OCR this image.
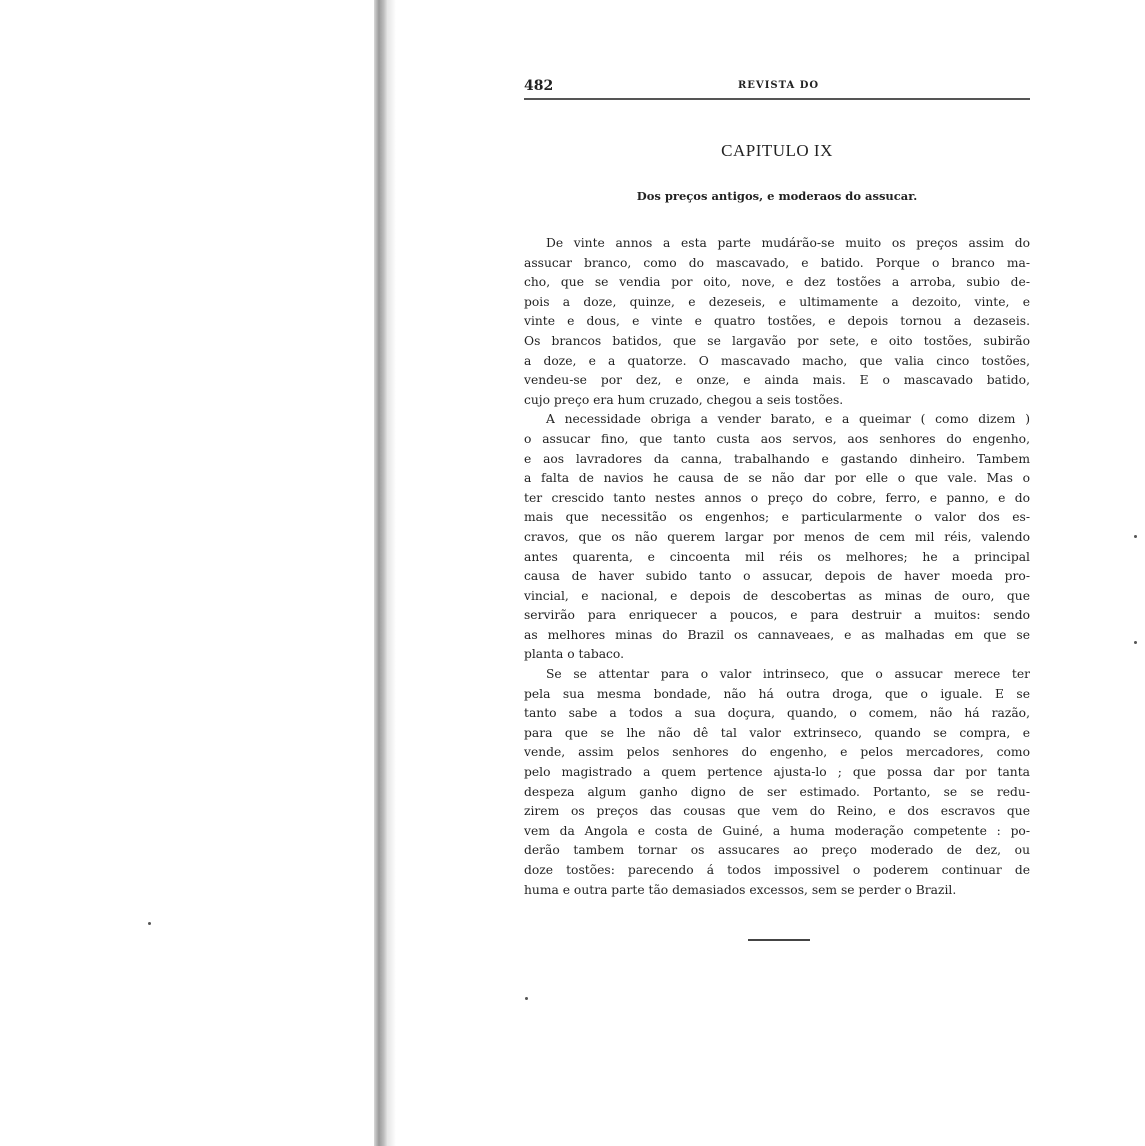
482	REVISTA DO
CAPITULO IX
Dos preços antigos, e moderaos do assucar.

De vinte annos a esta parte mudárão-se muito os preços assim do
assucar branco, como do mascavado, e batido. Porque o branco ma-
cho, que se vendia por oito, nove, e dez tostões a arroba, subio de-
pois a doze, quinze, e dezeseis, e ultimamente a dezoito, vinte, e
vinte e dous, e vinte e quatro tostões, e depois tornou a dezaseis.
Os brancos batidos, que se largavão por sete, e oito tostões, subirão
a doze, e a quatorze. O mascavado macho, que valia cinco tostões,
vendeu-se por dez, e onze, e ainda mais. E o mascavado batido,
cujo preço era hum cruzado, chegou a seis tostões.

A necessidade obriga a vender barato, e a queimar ( como dizem )
o assucar fino, que tanto custa aos servos, aos senhores do engenho,
e aos lavradores da canna, trabalhando e gastando dinheiro. Tambem
a falta de navios he causa de se não dar por elle o que vale. Mas o
ter crescido tanto nestes annos o preço do cobre, ferro, e panno, e do
mais que necessitão os engenhos; e particularmente o valor dos es-
cravos, que os não querem largar por menos de cem mil réis, valendo
antes quarenta, e cincoenta mil réis os melhores; he a principal
causa de haver subido tanto o assucar, depois de haver moeda pro-
vincial, e nacional, e depois de descobertas as minas de ouro, que
servirão para enriquecer a poucos, e para destruir a muitos: sendo
as melhores minas do Brazil os cannaveaes, e as malhadas em que se
planta o tabaco.

Se se attentar para o valor intrinseco, que o assucar merece ter
pela sua mesma bondade, não há outra droga, que o iguale. E se
tanto sabe a todos a sua doçura, quando, o comem, não há razão,
para que se lhe não dê tal valor extrinseco, quando se compra, e
vende, assim pelos senhores do engenho, e pelos mercadores, como
pelo magistrado a quem pertence ajusta-lo ; que possa dar por tanta
despeza algum ganho digno de ser estimado. Portanto, se se redu-
zirem os preços das cousas que vem do Reino, e dos escravos que
vem da Angola e costa de Guiné, a huma moderação competente : po-
derão tambem tornar os assucares ao preço moderado de dez, ou
doze tostões: parecendo á todos impossivel o poderem continuar de
huma e outra parte tão demasiados excessos, sem se perder o Brazil.
